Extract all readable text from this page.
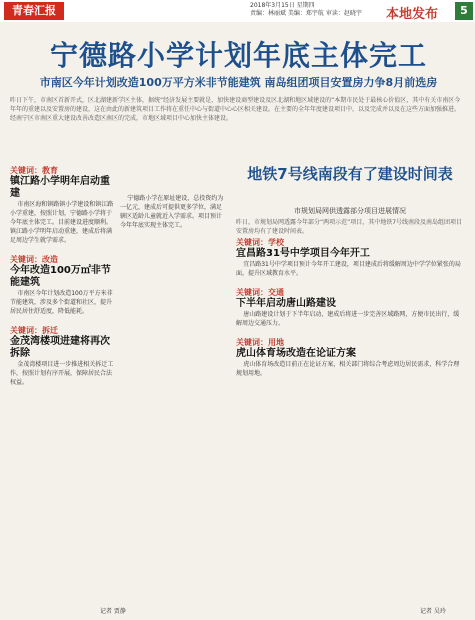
青春汇报	2018年3月15日 星期四
责编：林丽斌 美编：郑宇航 审读：赵晓宇 本地发布	5
宁德路小学计划年底主体完工
市南区今年计划改造100万平方米非节能建筑 南岛组团项目安置房力争8月前选房
昨日下午，市南区首新开式，区北湖建新学区主体，据统“经济发展主要就是，加快建设商型建设及区北湖和地区域建设的“本期市民处于最核心价值区，其中有关市南区今年年的重建以及安置房的建设，这在由此的新建筑项目工作将在重任中心与街道中心心区相关建设。在主要的全年年度建设项目中，以及完成并以及在这些方面加强推进。经南宁区市南区重大建设改善改造区南区的完成，市地区域项目中心加快主体建设。
关键词：教育
镇江路小学明年启动重建

市南区海和镇路镇小学建设和镇江路小学重建，按照计划，宁德路小学将于今年底主体完工。目前建设进度顺利。镇江路小学明年启动重建，建成后将满足周边学生就学需求。

关键词：改造
今年改造100万㎡非节能建筑

市南区今年计划改造100万平方米非节能建筑，涉及多个街道和社区，提升居民居住舒适度，降低能耗。

关键词：拆迁
金茂湾楼项进建将再次拆除

金茂湾楼项目进一步推进相关拆迁工作，按照计划有序开展，保障居民合法权益。

宁德路小学在原址建设，总投资约为一亿元，建成后可提供更多学位，满足辖区适龄儿童就近入学需求。项目预计今年年底实现主体完工。

地铁7号线南段有了建设时间表
市规划局网供透露部分项目进展情况
昨日，市规划局网透露今年部分“两项示范”项目，其中地铁7号线南段及南岛组团项目安置房均有了建设时间表。
关键词：学校
宜昌路31号中学项目今年开工

宜昌路31号中学项目预计今年开工建设，项目建成后将缓解周边中学学位紧张的局面，提升区域教育水平。

关键词：交通
下半年启动唐山路建设

唐山路建设计划于下半年启动，建成后将进一步完善区域路网，方便市民出行，缓解周边交通压力。

关键词：用地
虎山体育场改造在论证方案

虎山体育场改造目前正在论证方案，相关部门将综合考虑周边居民需求，科学合理规划用地。

记者 贾静	记者 吴玲
